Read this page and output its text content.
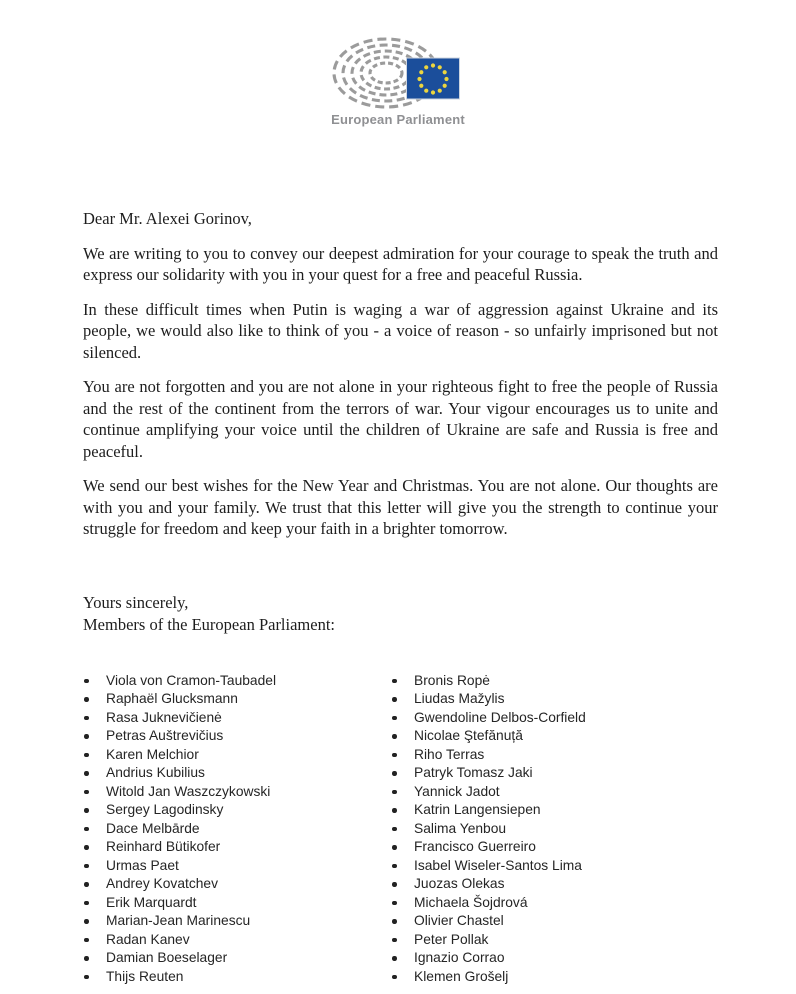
European Parliament

Dear Mr. Alexei Gorinov,

We are writing to you to convey our deepest admiration for your courage to speak the truth and express our solidarity with you in your quest for a free and peaceful Russia.

In these difficult times when Putin is waging a war of aggression against Ukraine and its people, we would also like to think of you - a voice of reason - so unfairly imprisoned but not silenced.

You are not forgotten and you are not alone in your righteous fight to free the people of Russia and the rest of the continent from the terrors of war. Your vigour encourages us to unite and continue amplifying your voice until the children of Ukraine are safe and Russia is free and peaceful.

We send our best wishes for the New Year and Christmas. You are not alone. Our thoughts are with you and your family. We trust that this letter will give you the strength to continue your struggle for freedom and keep your faith in a brighter tomorrow.

Yours sincerely,

Members of the European Parliament:

Viola von Cramon-Taubadel
Raphaël Glucksmann
Rasa Juknevičienė
Petras Auštrevičius
Karen Melchior
Andrius Kubilius
Witold Jan Waszczykowski
Sergey Lagodinsky
Dace Melbārde
Reinhard Bütikofer
Urmas Paet
Andrey Kovatchev
Erik Marquardt
Marian-Jean Marinescu
Radan Kanev
Damian Boeselager
Thijs Reuten
Bronis Ropė
Liudas Mažylis
Gwendoline Delbos-Corfield
Nicolae Ştefănuță
Riho Terras
Patryk Tomasz Jaki
Yannick Jadot
Katrin Langensiepen
Salima Yenbou
Francisco Guerreiro
Isabel Wiseler-Santos Lima
Juozas Olekas
Michaela Šojdrová
Olivier Chastel
Peter Pollak
Ignazio Corrao
Klemen Grošelj
